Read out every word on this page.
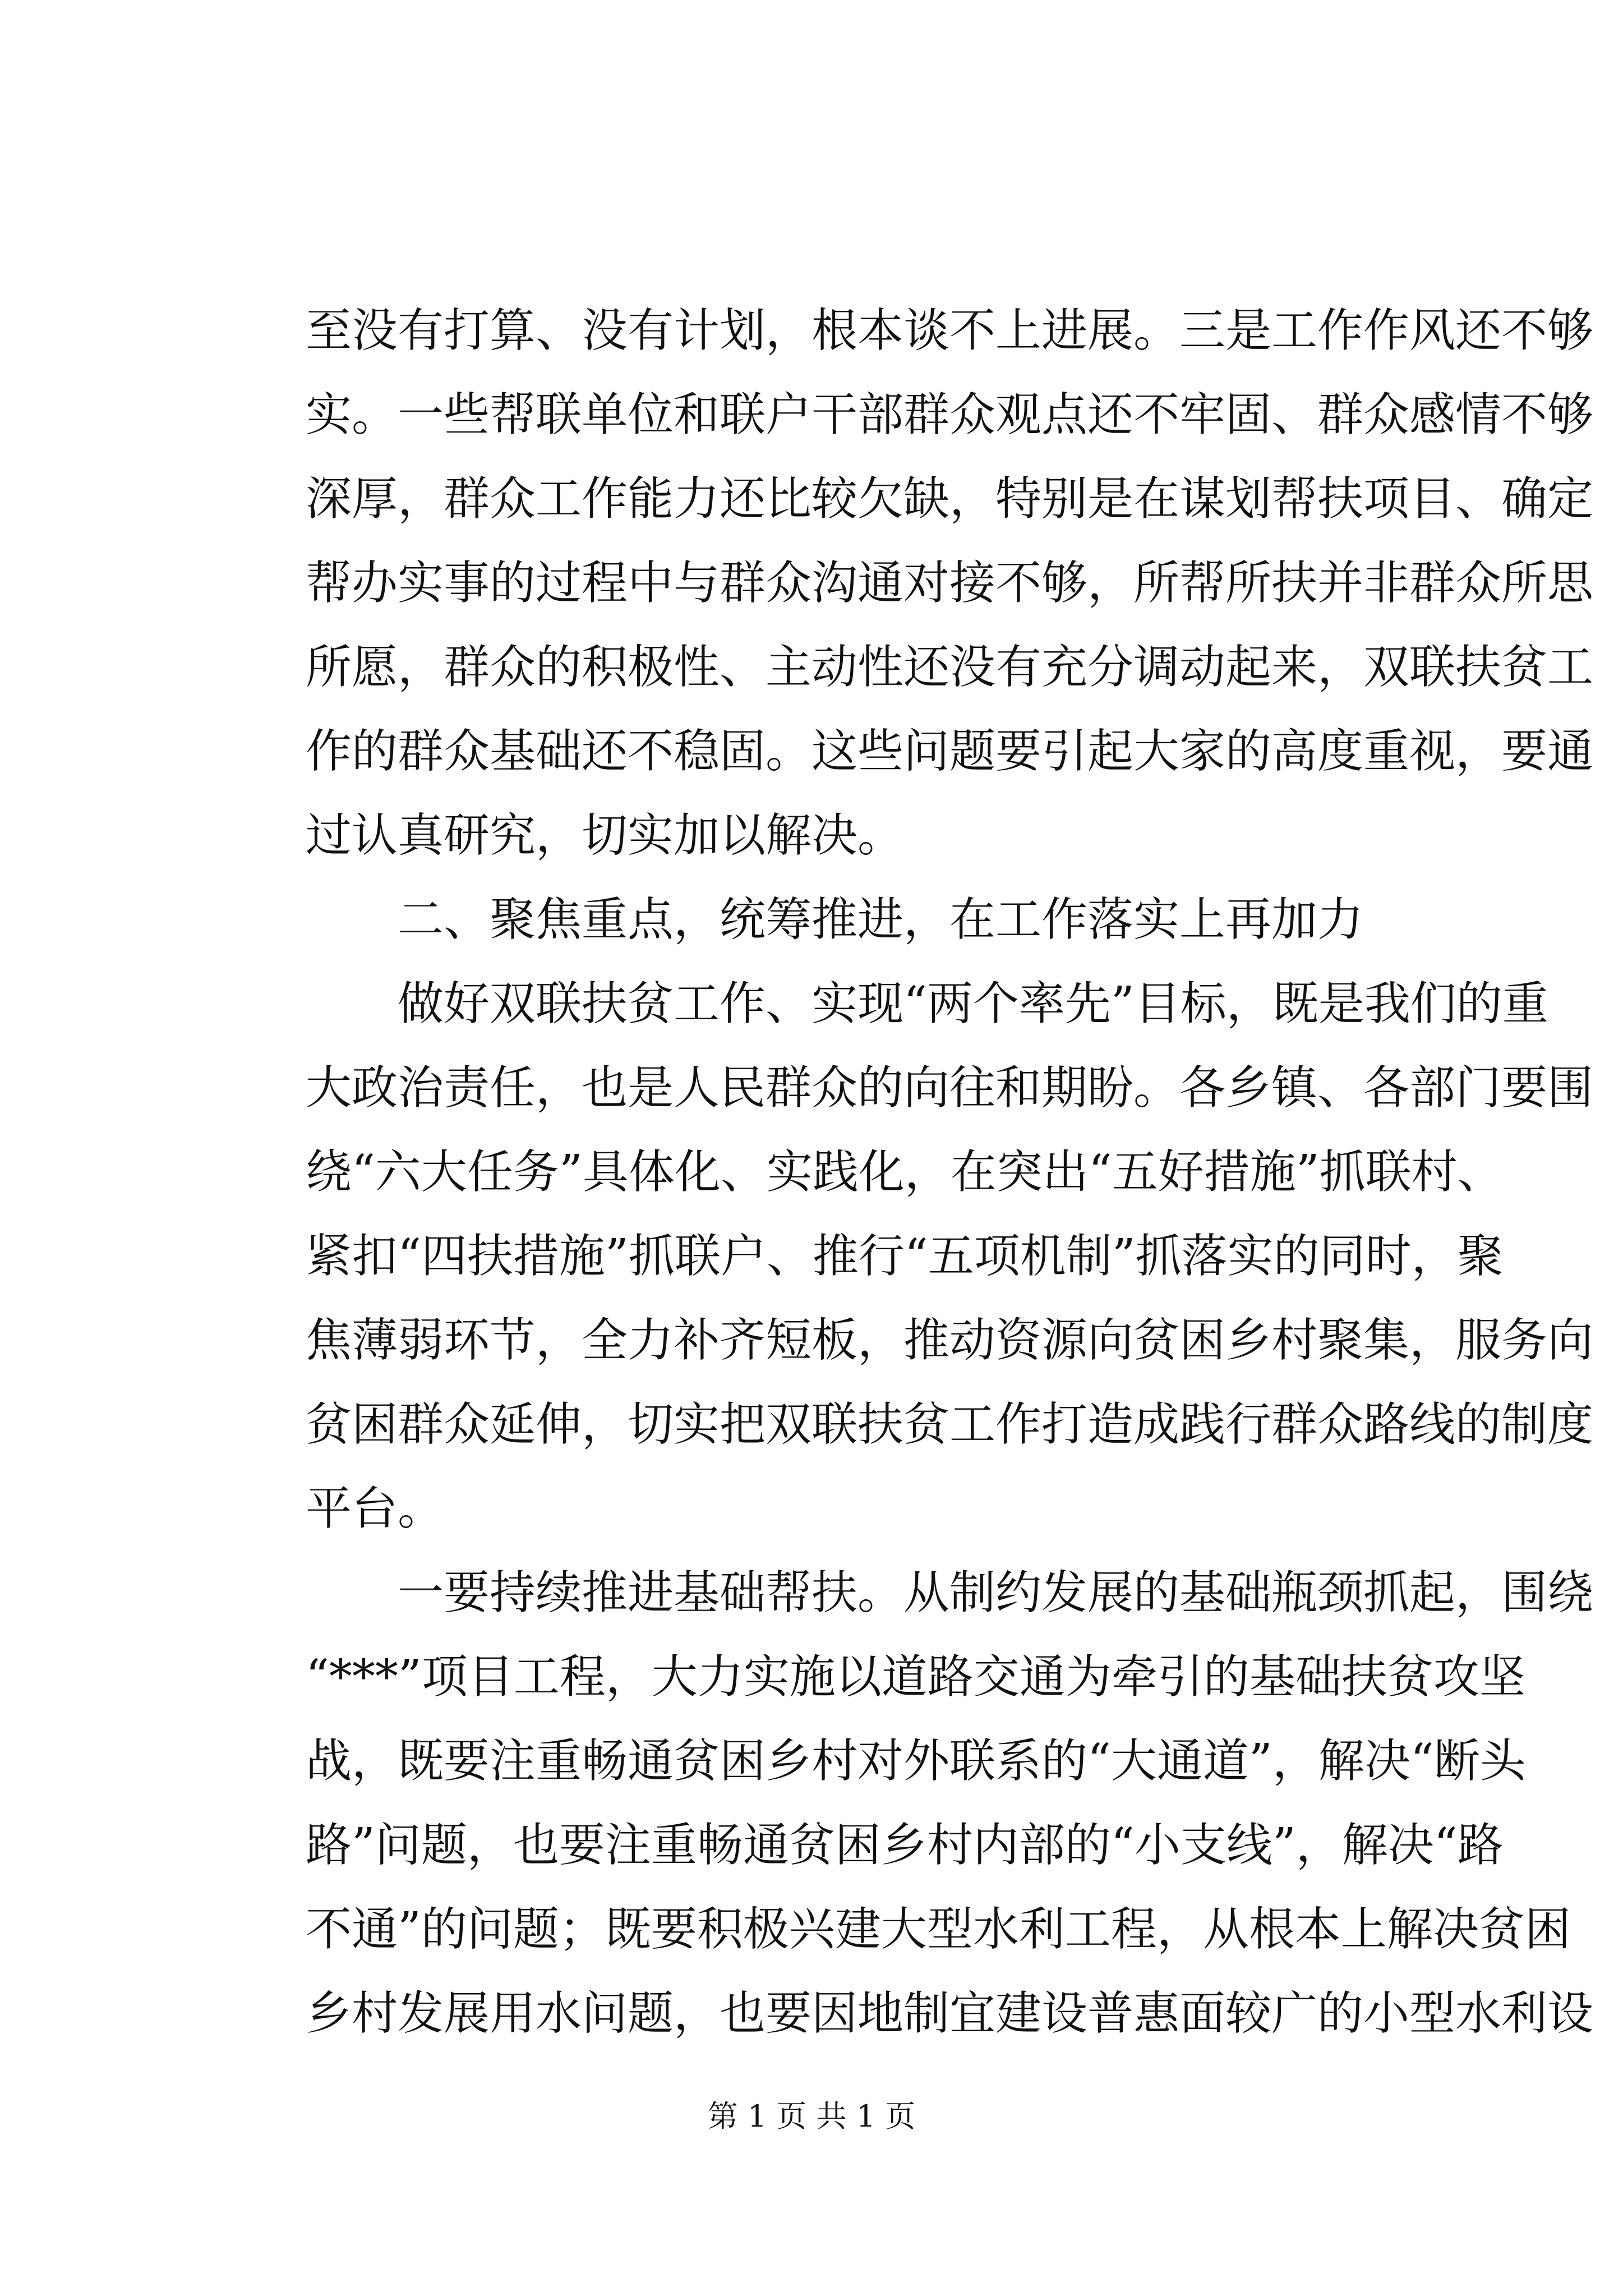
至没有打算、没有计划，根本谈不上进展。三是工作作风还不够
实。一些帮联单位和联户干部群众观点还不牢固、群众感情不够
深厚，群众工作能力还比较欠缺，特别是在谋划帮扶项目、确定
帮办实事的过程中与群众沟通对接不够，所帮所扶并非群众所思
所愿，群众的积极性、主动性还没有充分调动起来，双联扶贫工
作的群众基础还不稳固。这些问题要引起大家的高度重视，要通
过认真研究，切实加以解决。
二、聚焦重点，统筹推进，在工作落实上再加力
做好双联扶贫工作、实现“两个率先”目标，既是我们的重
大政治责任，也是人民群众的向往和期盼。各乡镇、各部门要围
绕“六大任务”具体化、实践化，在突出“五好措施”抓联村、
紧扣“四扶措施”抓联户、推行“五项机制”抓落实的同时，聚
焦薄弱环节，全力补齐短板，推动资源向贫困乡村聚集，服务向
贫困群众延伸，切实把双联扶贫工作打造成践行群众路线的制度
平台。
一要持续推进基础帮扶。从制约发展的基础瓶颈抓起，围绕
“***”项目工程，大力实施以道路交通为牵引的基础扶贫攻坚
战，既要注重畅通贫困乡村对外联系的“大通道”，解决“断头
路”问题，也要注重畅通贫困乡村内部的“小支线”，解决“路
不通”的问题；既要积极兴建大型水利工程，从根本上解决贫困
乡村发展用水问题，也要因地制宜建设普惠面较广的小型水利设
第 1 页 共 1 页
